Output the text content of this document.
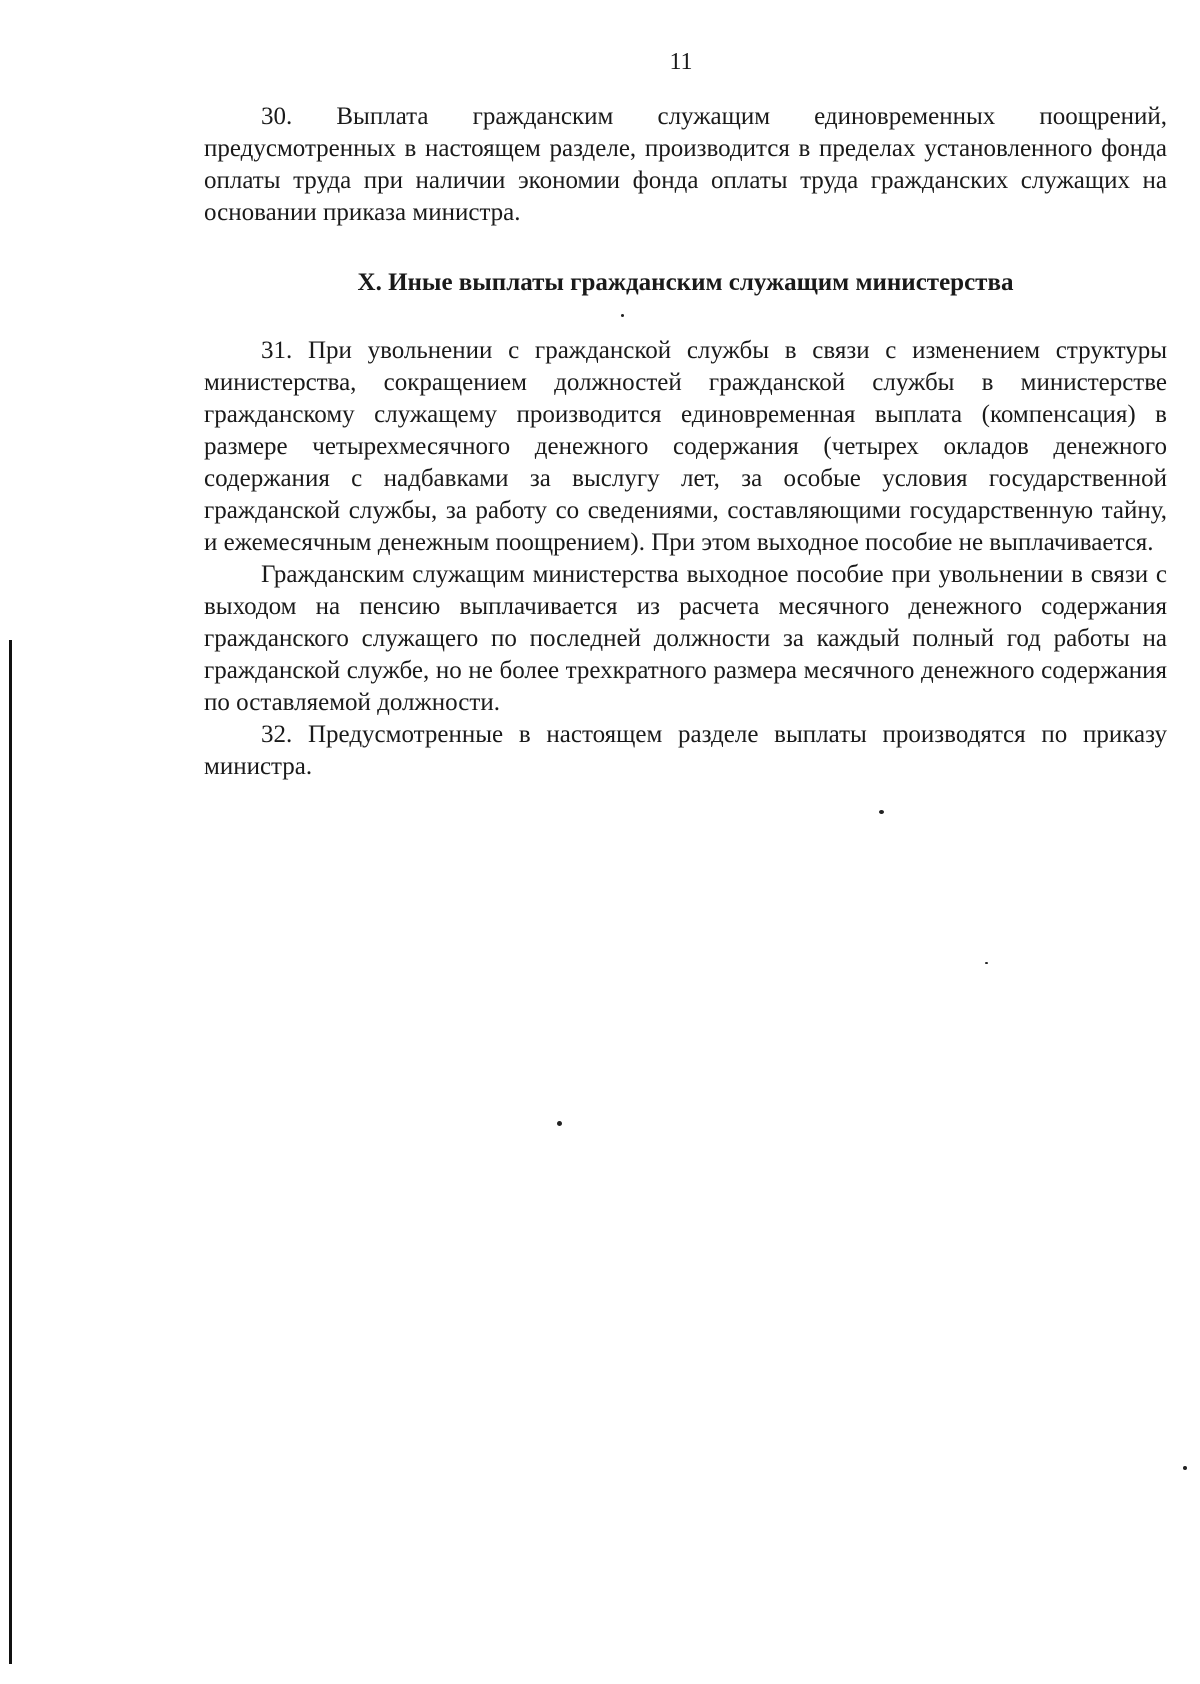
11

30. Выплата гражданским служащим единовременных поощрений, предусмотренных в настоящем разделе, производится в пределах установленного фонда оплаты труда при наличии экономии фонда оплаты труда гражданских служащих на основании приказа министра.

X. Иные выплаты гражданским служащим министерства

31. При увольнении с гражданской службы в связи с изменением структуры министерства, сокращением должностей гражданской службы в министерстве гражданскому служащему производится единовременная выплата (компенсация) в размере четырехмесячного денежного содержания (четырех окладов денежного содержания с надбавками за выслугу лет, за особые условия государственной гражданской службы, за работу со сведениями, составляющими государственную тайну, и ежемесячным денежным поощрением). При этом выходное пособие не выплачивается.

Гражданским служащим министерства выходное пособие при увольнении в связи с выходом на пенсию выплачивается из расчета месячного денежного содержания гражданского служащего по последней должности за каждый полный год работы на гражданской службе, но не более трехкратного размера месячного денежного содержания по оставляемой должности.

32. Предусмотренные в настоящем разделе выплаты производятся по приказу министра.
